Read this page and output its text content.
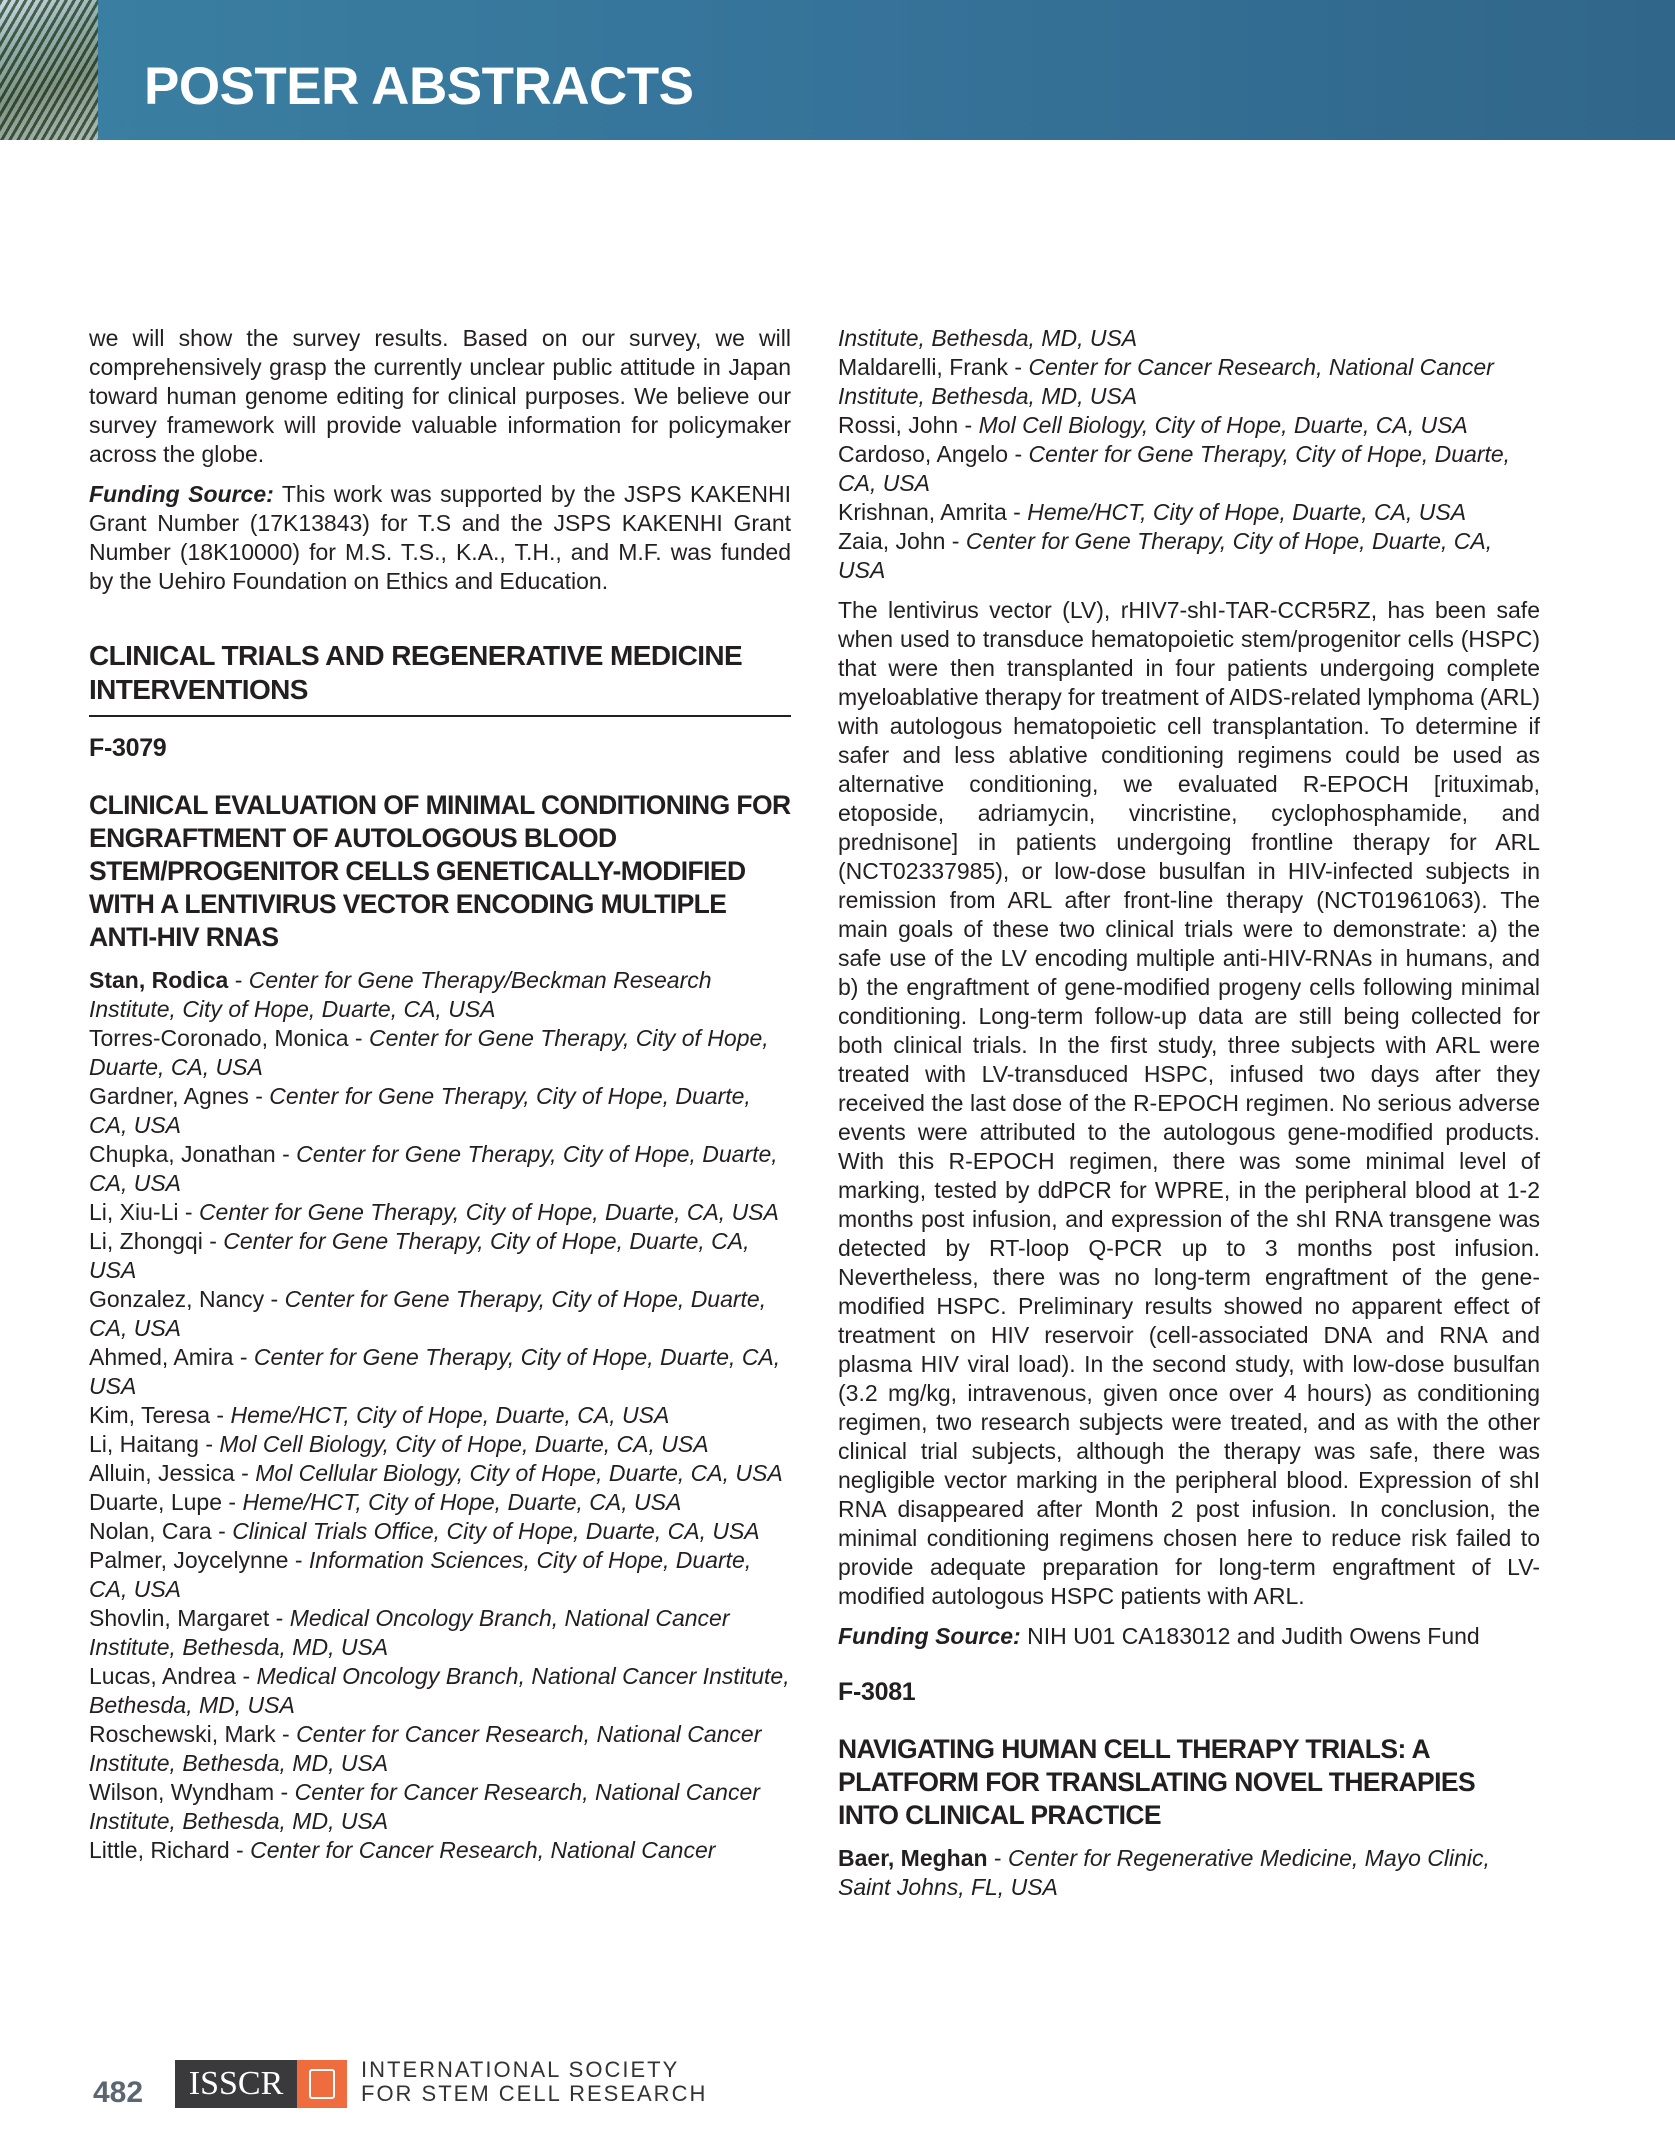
POSTER ABSTRACTS

we will show the survey results. Based on our survey, we will comprehensively grasp the currently unclear public attitude in Japan toward human genome editing for clinical purposes. We believe our survey framework will provide valuable information for policymaker across the globe.

Funding Source: This work was supported by the JSPS KAKENHI Grant Number (17K13843) for T.S and the JSPS KAKENHI Grant Number (18K10000) for M.S. T.S., K.A., T.H., and M.F. was funded by the Uehiro Foundation on Ethics and Education.

CLINICAL TRIALS AND REGENERATIVE MEDICINE INTERVENTIONS
F-3079
CLINICAL EVALUATION OF MINIMAL CONDITIONING FOR ENGRAFTMENT OF AUTOLOGOUS BLOOD STEM/PROGENITOR CELLS GENETICALLY-MODIFIED WITH A LENTIVIRUS VECTOR ENCODING MULTIPLE ANTI-HIV RNAS
Stan, Rodica - Center for Gene Therapy/Beckman Research Institute, City of Hope, Duarte, CA, USA
Torres-Coronado, Monica - Center for Gene Therapy, City of Hope, Duarte, CA, USA
Gardner, Agnes - Center for Gene Therapy, City of Hope, Duarte, CA, USA
Chupka, Jonathan - Center for Gene Therapy, City of Hope, Duarte, CA, USA
Li, Xiu-Li - Center for Gene Therapy, City of Hope, Duarte, CA, USA
Li, Zhongqi - Center for Gene Therapy, City of Hope, Duarte, CA, USA
Gonzalez, Nancy - Center for Gene Therapy, City of Hope, Duarte, CA, USA
Ahmed, Amira - Center for Gene Therapy, City of Hope, Duarte, CA, USA
Kim, Teresa - Heme/HCT, City of Hope, Duarte, CA, USA
Li, Haitang - Mol Cell Biology, City of Hope, Duarte, CA, USA
Alluin, Jessica - Mol Cellular Biology, City of Hope, Duarte, CA, USA
Duarte, Lupe - Heme/HCT, City of Hope, Duarte, CA, USA
Nolan, Cara - Clinical Trials Office, City of Hope, Duarte, CA, USA
Palmer, Joycelynne - Information Sciences, City of Hope, Duarte, CA, USA
Shovlin, Margaret - Medical Oncology Branch, National Cancer Institute, Bethesda, MD, USA
Lucas, Andrea - Medical Oncology Branch, National Cancer Institute, Bethesda, MD, USA
Roschewski, Mark - Center for Cancer Research, National Cancer Institute, Bethesda, MD, USA
Wilson, Wyndham - Center for Cancer Research, National Cancer Institute, Bethesda, MD, USA
Little, Richard - Center for Cancer Research, National Cancer
Institute, Bethesda, MD, USA
Maldarelli, Frank - Center for Cancer Research, National Cancer Institute, Bethesda, MD, USA
Rossi, John - Mol Cell Biology, City of Hope, Duarte, CA, USA
Cardoso, Angelo - Center for Gene Therapy, City of Hope, Duarte, CA, USA
Krishnan, Amrita - Heme/HCT, City of Hope, Duarte, CA, USA
Zaia, John - Center for Gene Therapy, City of Hope, Duarte, CA, USA

The lentivirus vector (LV), rHIV7-shI-TAR-CCR5RZ, has been safe when used to transduce hematopoietic stem/progenitor cells (HSPC) that were then transplanted in four patients undergoing complete myeloablative therapy for treatment of AIDS-related lymphoma (ARL) with autologous hematopoietic cell transplantation. To determine if safer and less ablative conditioning regimens could be used as alternative conditioning, we evaluated R-EPOCH [rituximab, etoposide, adriamycin, vincristine, cyclophosphamide, and prednisone] in patients undergoing frontline therapy for ARL (NCT02337985), or low-dose busulfan in HIV-infected subjects in remission from ARL after front-line therapy (NCT01961063). The main goals of these two clinical trials were to demonstrate: a) the safe use of the LV encoding multiple anti-HIV-RNAs in humans, and b) the engraftment of gene-modified progeny cells following minimal conditioning. Long-term follow-up data are still being collected for both clinical trials. In the first study, three subjects with ARL were treated with LV-transduced HSPC, infused two days after they received the last dose of the R-EPOCH regimen. No serious adverse events were attributed to the autologous gene-modified products. With this R-EPOCH regimen, there was some minimal level of marking, tested by ddPCR for WPRE, in the peripheral blood at 1-2 months post infusion, and expression of the shI RNA transgene was detected by RT-loop Q-PCR up to 3 months post infusion. Nevertheless, there was no long-term engraftment of the gene-modified HSPC. Preliminary results showed no apparent effect of treatment on HIV reservoir (cell-associated DNA and RNA and plasma HIV viral load). In the second study, with low-dose busulfan (3.2 mg/kg, intravenous, given once over 4 hours) as conditioning regimen, two research subjects were treated, and as with the other clinical trial subjects, although the therapy was safe, there was negligible vector marking in the peripheral blood. Expression of shI RNA disappeared after Month 2 post infusion. In conclusion, the minimal conditioning regimens chosen here to reduce risk failed to provide adequate preparation for long-term engraftment of LV-modified autologous HSPC patients with ARL.

Funding Source: NIH U01 CA183012 and Judith Owens Fund

F-3081
NAVIGATING HUMAN CELL THERAPY TRIALS: A PLATFORM FOR TRANSLATING NOVEL THERAPIES INTO CLINICAL PRACTICE
Baer, Meghan - Center for Regenerative Medicine, Mayo Clinic, Saint Johns, FL, USA
482	ISSCR	INTERNATIONAL SOCIETY
FOR STEM CELL RESEARCH
